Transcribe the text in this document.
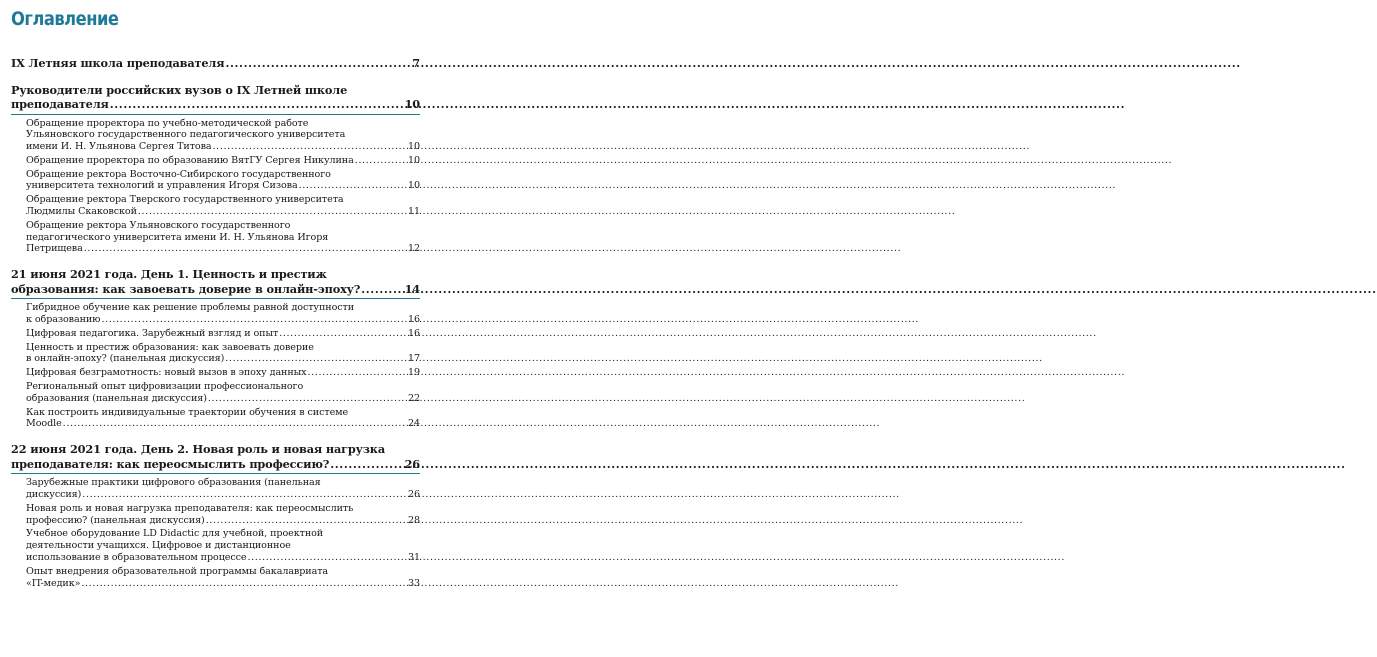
Оглавление
IX Летняя школа преподавателя .....	7
Руководители российских вузов о IX Летней школе
преподавателя .....	10
Обращение проректора по учебно-методической работе
Ульяновского государственного педагогического университета
имени И. Н. Ульянова Сергея Титова .....	10
Обращение проректора по образованию ВятГУ Сергея Никулина .....	10
Обращение ректора Восточно-Сибирского государственного
университета технологий и управления Игоря Сизова .....	10
Обращение ректора Тверского государственного университета
Людмилы Скаковской .....	11
Обращение ректора Ульяновского государственного
педагогического университета имени И. Н. Ульянова Игоря
Петрищева .....	12
21 июня 2021 года. День 1. Ценность и престиж
образования: как завоевать доверие в онлайн-эпоху? .....	14
Гибридное обучение как решение проблемы равной доступности
к образованию .....	16
Цифровая педагогика. Зарубежный взгляд и опыт .....	16
Ценность и престиж образования: как завоевать доверие
в онлайн-эпоху? (панельная дискуссия) .....	17
Цифровая безграмотность: новый вызов в эпоху данных .....	19
Региональный опыт цифровизации профессионального
образования (панельная дискуссия) .....	22
Как построить индивидуальные траектории обучения в системе
Moodle .....	24
22 июня 2021 года. День 2. Новая роль и новая нагрузка
преподавателя: как переосмыслить профессию? .....	26
Зарубежные практики цифрового образования (панельная
дискуссия) .....	26
Новая роль и новая нагрузка преподавателя: как переосмыслить
профессию? (панельная дискуссия) .....	28
Учебное оборудование LD Didactic для учебной, проектной
деятельности учащихся. Цифровое и дистанционное
использование в образовательном процессе .....	31
Опыт внедрения образовательной программы бакалавриата
«IT-медик» .....	33
